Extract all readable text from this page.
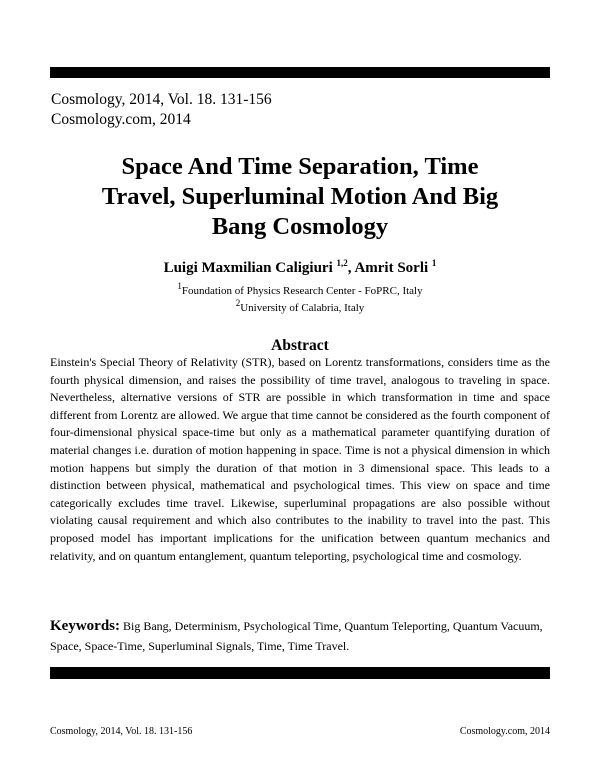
Cosmology, 2014, Vol. 18. 131-156
Cosmology.com, 2014
Space And Time Separation, Time
Travel, Superluminal Motion And Big
Bang Cosmology
Luigi Maxmilian Caligiuri $^{1,2}$, Amrit Sorli $^1$
$^1$Foundation of Physics Research Center - FoPRC, Italy
$^2$University of Calabria, Italy
Abstract

Einstein's Special Theory of Relativity (STR), based on Lorentz transformations, considers time as the fourth physical dimension, and raises the possibility of time travel, analogous to traveling in space. Nevertheless, alternative versions of STR are possible in which transformation in time and space different from Lorentz are allowed. We argue that time cannot be considered as the fourth component of four-dimensional physical space-time but only as a mathematical parameter quantifying duration of material changes i.e. duration of motion happening in space. Time is not a physical dimension in which motion happens but simply the duration of that motion in 3 dimensional space. This leads to a distinction between physical, mathematical and psychological times. This view on space and time categorically excludes time travel. Likewise, superluminal propagations are also possible without violating causal requirement and which also contributes to the inability to travel into the past. This proposed model has important implications for the unification between quantum mechanics and relativity, and on quantum entanglement, quantum teleporting, psychological time and cosmology.

Keywords: Big Bang, Determinism, Psychological Time, Quantum Teleporting, Quantum Vacuum, Space, Space-Time, Superluminal Signals, Time, Time Travel.

Cosmology, 2014, Vol. 18. 131-156	Cosmology.com, 2014
